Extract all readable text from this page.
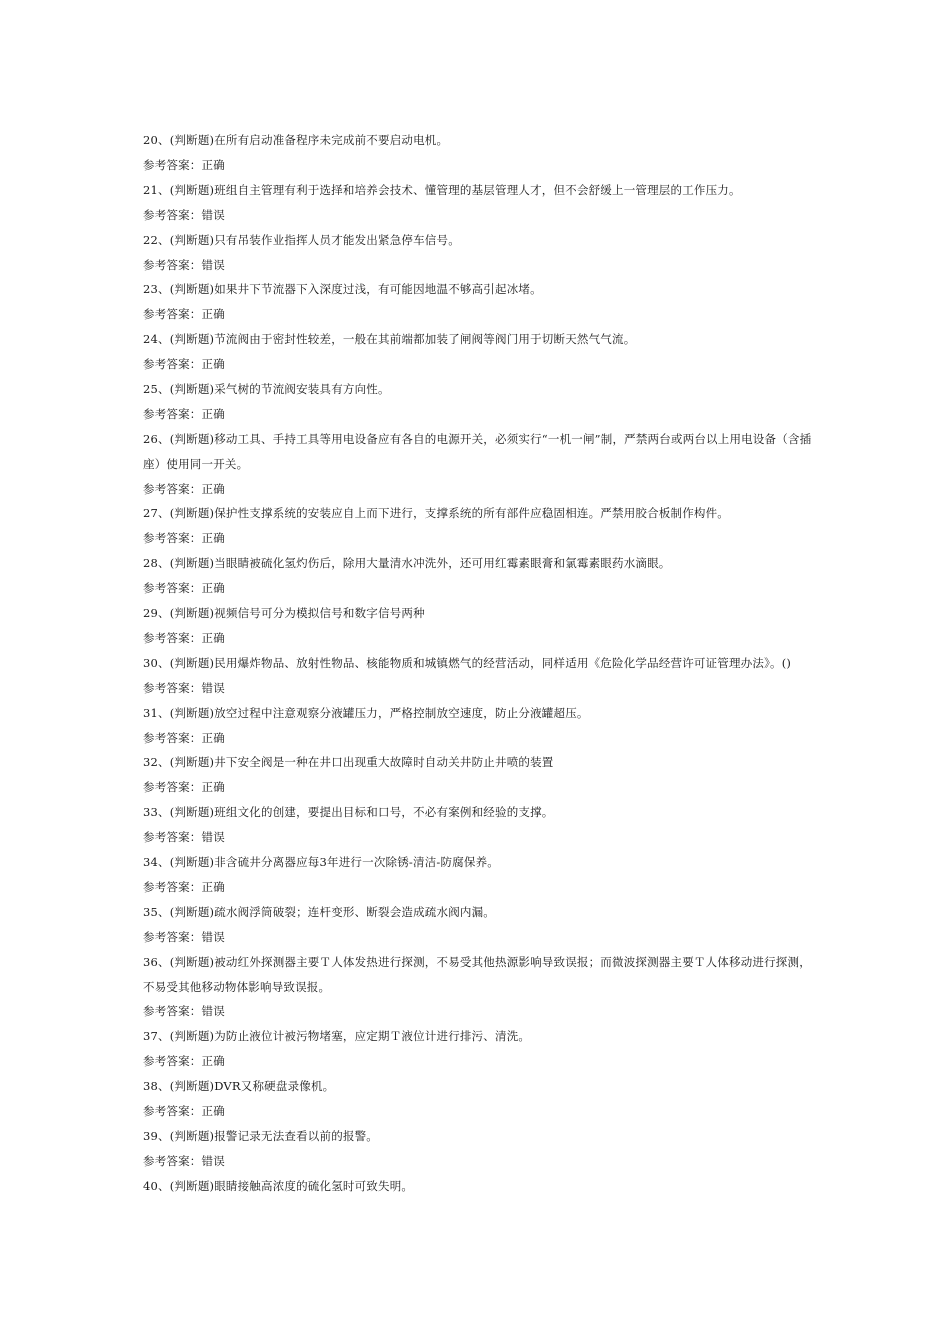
20、(判断题)在所有启动准备程序未完成前不要启动电机。
参考答案：正确
21、(判断题)班组自主管理有利于选择和培养会技术、懂管理的基层管理人才，但不会舒缓上一管理层的工作压力。
参考答案：错误
22、(判断题)只有吊装作业指挥人员才能发出紧急停车信号。
参考答案：错误
23、(判断题)如果井下节流器下入深度过浅，有可能因地温不够高引起冰堵。
参考答案：正确
24、(判断题)节流阀由于密封性较差，一般在其前端都加装了闸阀等阀门用于切断天然气气流。
参考答案：正确
25、(判断题)采气树的节流阀安装具有方向性。
参考答案：正确
26、(判断题)移动工具、手持工具等用电设备应有各自的电源开关，必须实行“一机一闸”制，严禁两台或两台以上用电设备（含插座）使用同一开关。
参考答案：正确
27、(判断题)保护性支撑系统的安装应自上而下进行，支撑系统的所有部件应稳固相连。严禁用胶合板制作构件。
参考答案：正确
28、(判断题)当眼睛被硫化氢灼伤后，除用大量清水冲洗外，还可用红霉素眼膏和氯霉素眼药水滴眼。
参考答案：正确
29、(判断题)视频信号可分为模拟信号和数字信号两种
参考答案：正确
30、(判断题)民用爆炸物品、放射性物品、核能物质和城镇燃气的经营活动，同样适用《危险化学品经营许可证管理办法》。()
参考答案：错误
31、(判断题)放空过程中注意观察分液罐压力，严格控制放空速度，防止分液罐超压。
参考答案：正确
32、(判断题)井下安全阀是一种在井口出现重大故障时自动关井防止井喷的装置
参考答案：正确
33、(判断题)班组文化的创建，要提出目标和口号，不必有案例和经验的支撑。
参考答案：错误
34、(判断题)非含硫井分离器应每3年进行一次除锈-清洁-防腐保养。
参考答案：正确
35、(判断题)疏水阀浮筒破裂；连杆变形、断裂会造成疏水阀内漏。
参考答案：错误
36、(判断题)被动红外探测器主要Ｔ人体发热进行探测，不易受其他热源影响导致误报；而微波探测器主要Ｔ人体移动进行探测，不易受其他移动物体影响导致误报。
参考答案：错误
37、(判断题)为防止液位计被污物堵塞，应定期Ｔ液位计进行排污、清洗。
参考答案：正确
38、(判断题)DVR又称硬盘录像机。
参考答案：正确
39、(判断题)报警记录无法查看以前的报警。
参考答案：错误
40、(判断题)眼睛接触高浓度的硫化氢时可致失明。
